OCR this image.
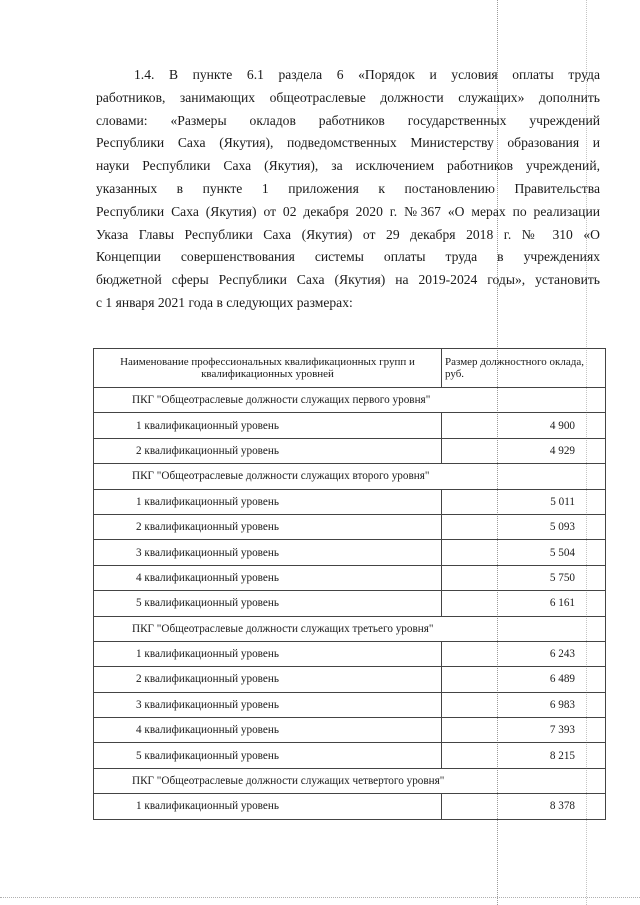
1.4. В пункте 6.1 раздела 6 «Порядок и условия оплаты труда

работников, занимающих общеотраслевые должности служащих» дополнить

словами: «Размеры окладов работников государственных учреждений

Республики Саха (Якутия), подведомственных Министерству образования и

науки Республики Саха (Якутия), за исключением работников учреждений,

указанных в пункте 1 приложения к постановлению Правительства

Республики Саха (Якутия) от 02 декабря 2020 г. №367 «О мерах по реализации

Указа Главы Республики Саха (Якутия) от 29 декабря 2018 г. № 310 «О

Концепции совершенствования системы оплаты труда в учреждениях

бюджетной сферы Республики Саха (Якутия) на 2019-2024 годы», установить

с 1 января 2021 года в следующих размерах:

Наименование профессиональных квалификационных групп и квалификационных уровней	Размер должностного оклада, руб.
ПКГ "Общеотраслевые должности служащих первого уровня"	
1 квалификационный уровень	4 900
2 квалификационный уровень	4 929
ПКГ "Общеотраслевые должности служащих второго уровня"	
1 квалификационный уровень	5 011
2 квалификационный уровень	5 093
3 квалификационный уровень	5 504
4 квалификационный уровень	5 750
5 квалификационный уровень	6 161
ПКГ "Общеотраслевые должности служащих третьего уровня"	
1 квалификационный уровень	6 243
2 квалификационный уровень	6 489
3 квалификационный уровень	6 983
4 квалификационный уровень	7 393
5 квалификационный уровень	8 215
ПКГ "Общеотраслевые должности служащих четвертого уровня"	
1 квалификационный уровень	8 378
